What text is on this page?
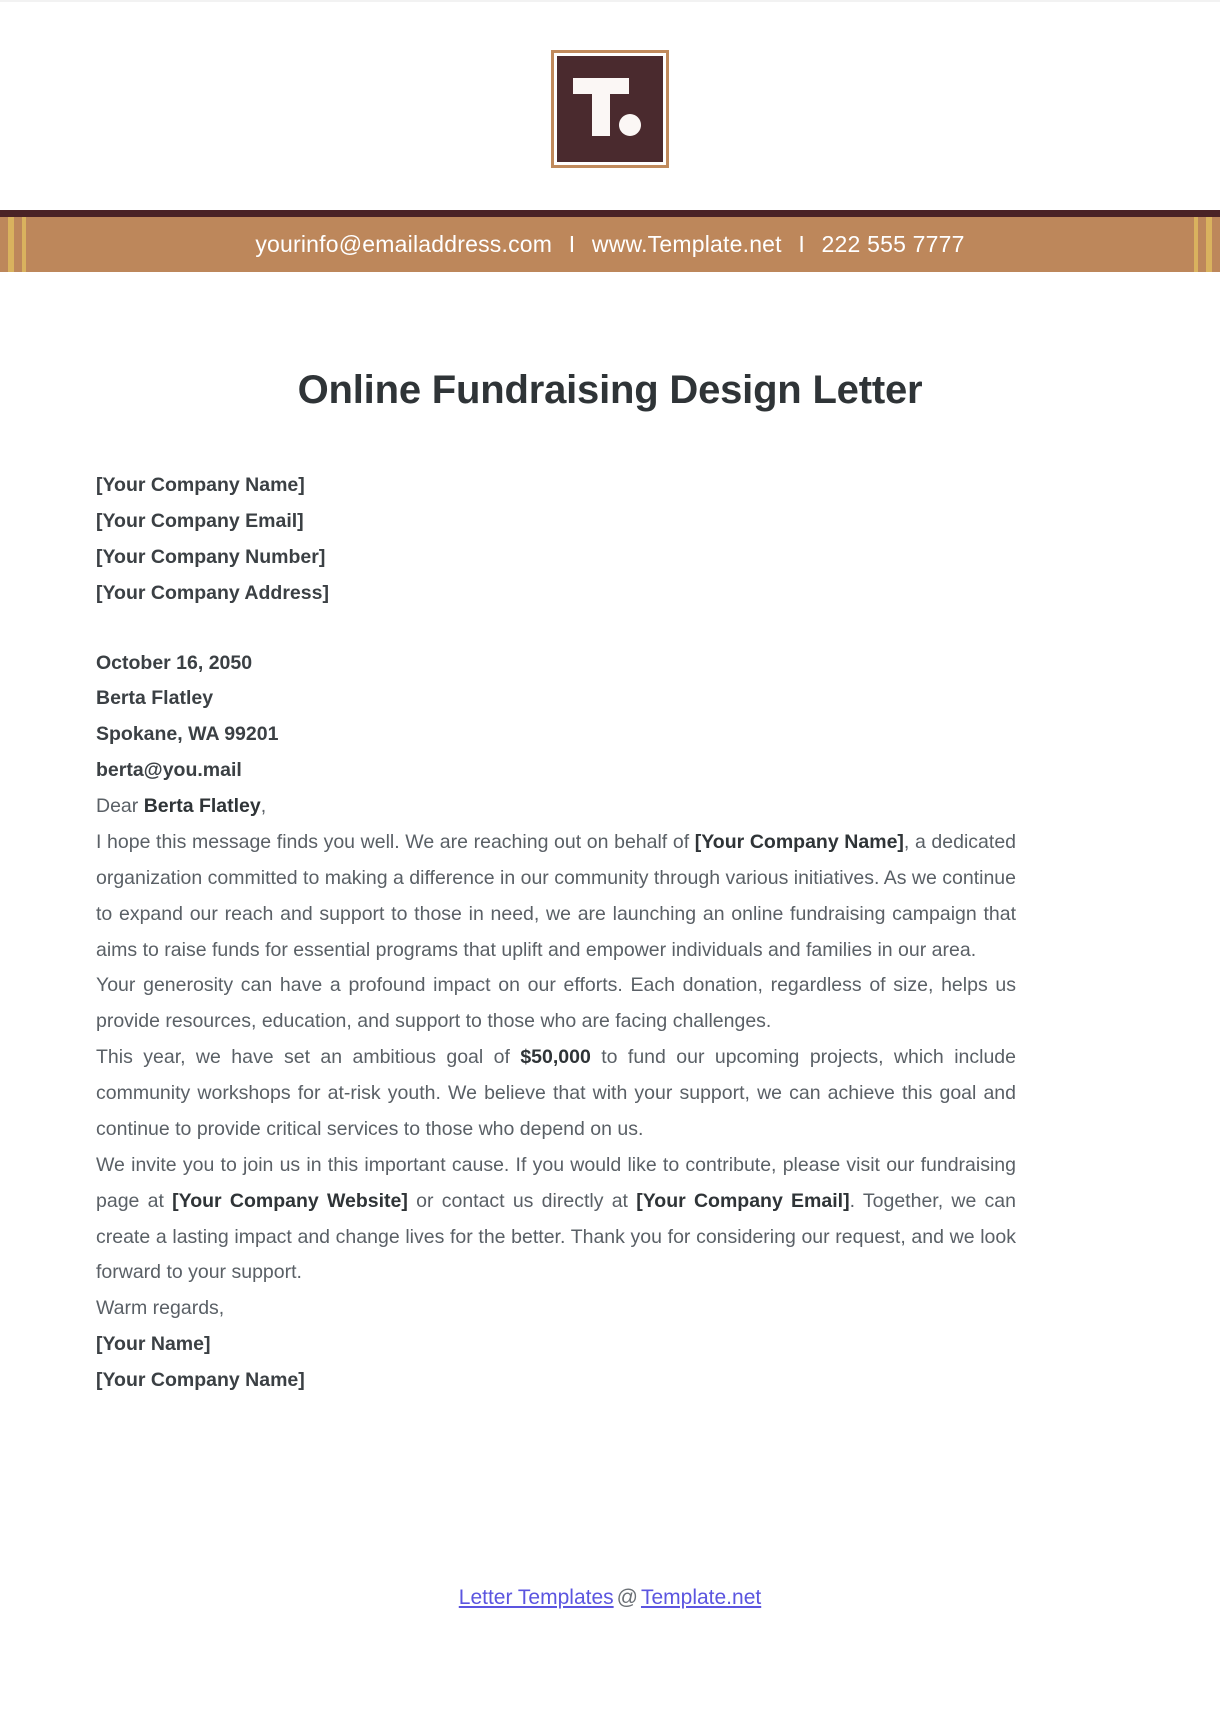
yourinfo@emailaddress.com I www.Template.net I 222 555 7777
Online Fundraising Design Letter
[Your Company Name]
[Your Company Email]
[Your Company Number]
[Your Company Address]
October 16, 2050
Berta Flatley
Spokane, WA 99201
berta@you.mail
Dear Berta Flatley,

I hope this message finds you well. We are reaching out on behalf of [Your Company Name], a dedicated organization committed to making a difference in our community through various initiatives. As we continue to expand our reach and support to those in need, we are launching an online fundraising campaign that aims to raise funds for essential programs that uplift and empower individuals and families in our area.

Your generosity can have a profound impact on our efforts. Each donation, regardless of size, helps us provide resources, education, and support to those who are facing challenges.

This year, we have set an ambitious goal of $50,000 to fund our upcoming projects, which include community workshops for at-risk youth. We believe that with your support, we can achieve this goal and continue to provide critical services to those who depend on us.

We invite you to join us in this important cause. If you would like to contribute, please visit our fundraising page at [Your Company Website] or contact us directly at [Your Company Email]. Together, we can create a lasting impact and change lives for the better. Thank you for considering our request, and we look forward to your support.

Warm regards,

[Your Name]
[Your Company Name]
Letter Templates @ Template.net
